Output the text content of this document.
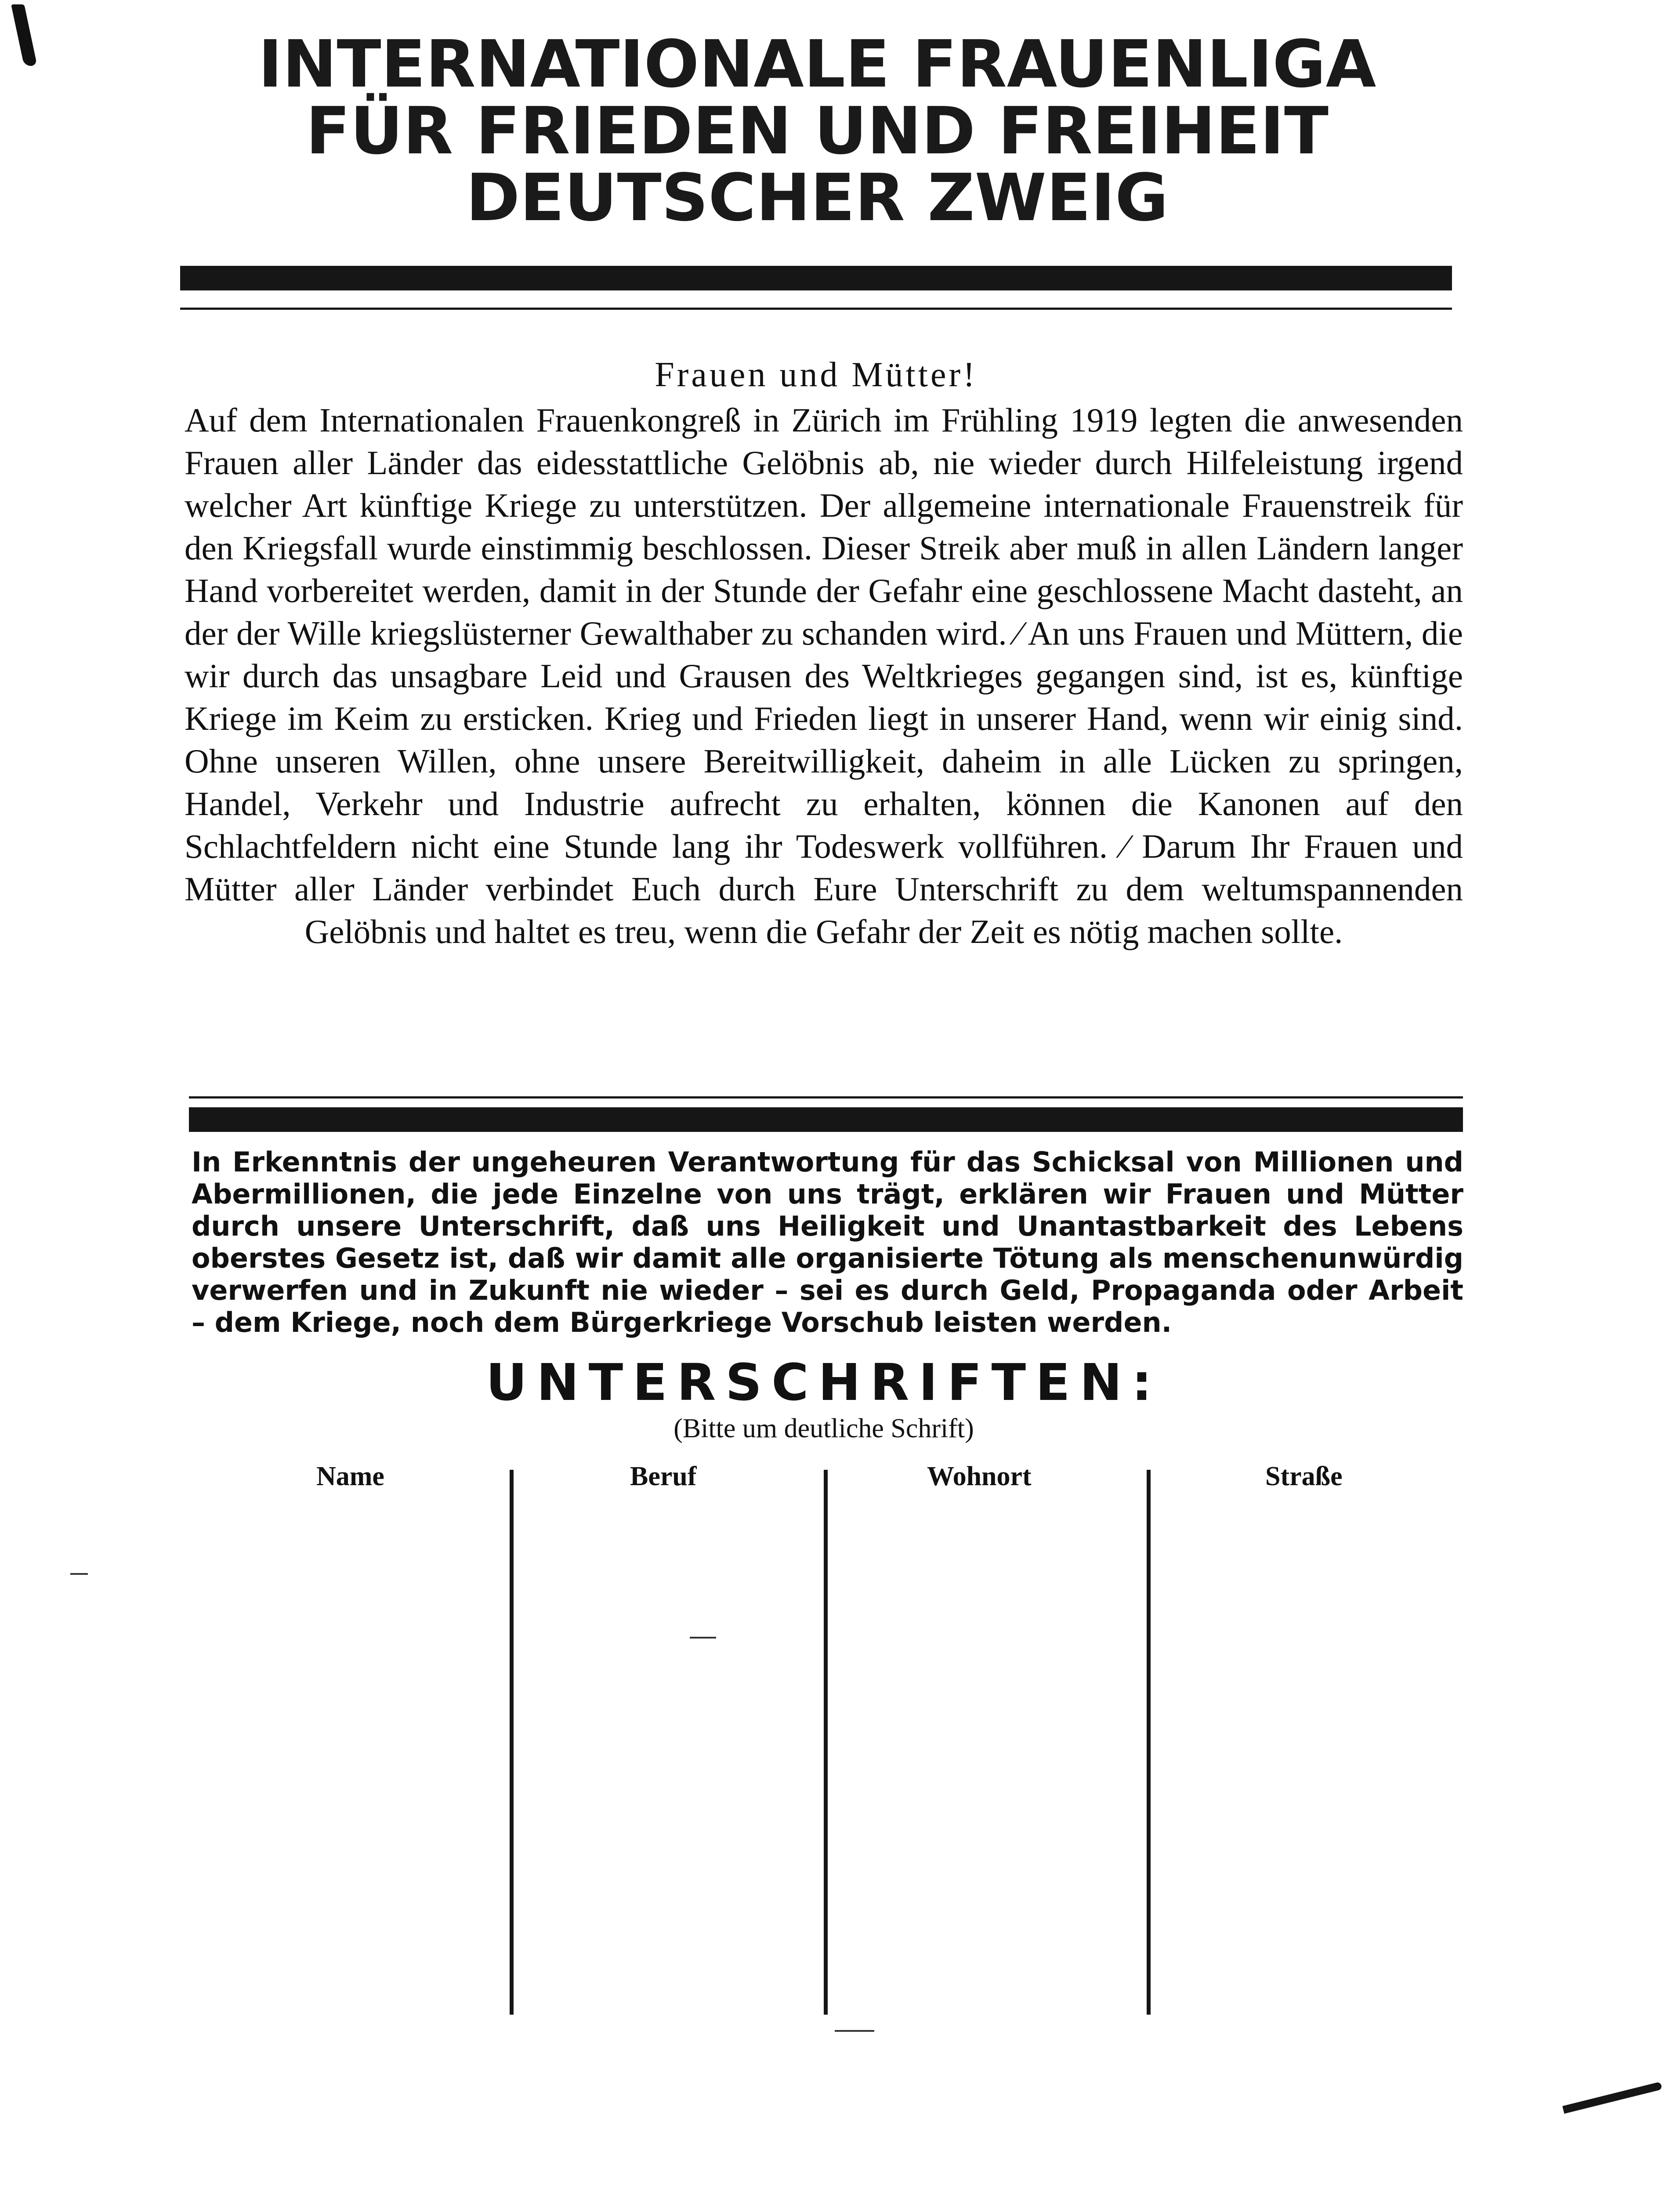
INTERNATIONALE FRAUENLIGA
FÜR FRIEDEN UND FREIHEIT
DEUTSCHER ZWEIG
Frauen und Mütter!
Auf dem Internationalen Frauenkongreß in Zürich im Frühling 1919 legten die anwesenden Frauen aller Länder das eidesstattliche Gelöbnis ab, nie wieder durch Hilfeleistung irgend welcher Art künftige Kriege zu unterstützen. Der allgemeine internationale Frauenstreik für den Kriegsfall wurde einstimmig beschlossen. Dieser Streik aber muß in allen Ländern langer Hand vorbereitet werden, damit in der Stunde der Gefahr eine geschlossene Macht dasteht, an der der Wille kriegslüsterner Gewalthaber zu schanden wird. ⁄ An uns Frauen und Müttern, die wir durch das unsagbare Leid und Grausen des Weltkrieges gegangen sind, ist es, künftige Kriege im Keim zu ersticken. Krieg und Frieden liegt in unserer Hand, wenn wir einig sind. Ohne unseren Willen, ohne unsere Bereitwilligkeit, daheim in alle Lücken zu springen, Handel, Verkehr und Industrie aufrecht zu erhalten, können die Kanonen auf den Schlachtfeldern nicht eine Stunde lang ihr Todeswerk vollführen. ⁄ Darum Ihr Frauen und Mütter aller Länder verbindet Euch durch Eure Unterschrift zu dem weltumspannenden Gelöbnis und haltet es treu, wenn die Gefahr der Zeit es nötig machen sollte.
In Erkenntnis der ungeheuren Verantwortung für das Schicksal von Millionen und Abermillionen, die jede Einzelne von uns trägt, erklären wir Frauen und Mütter durch unsere Unterschrift, daß uns Heiligkeit und Unantastbarkeit des Lebens oberstes Gesetz ist, daß wir damit alle organisierte Tötung als menschenunwürdig verwerfen und in Zukunft nie wieder – sei es durch Geld, Propaganda oder Arbeit – dem Kriege, noch dem Bürgerkriege Vorschub leisten werden.
UNTERSCHRIFTEN:
(Bitte um deutliche Schrift)
Name	Beruf	Wohnort	Straße
